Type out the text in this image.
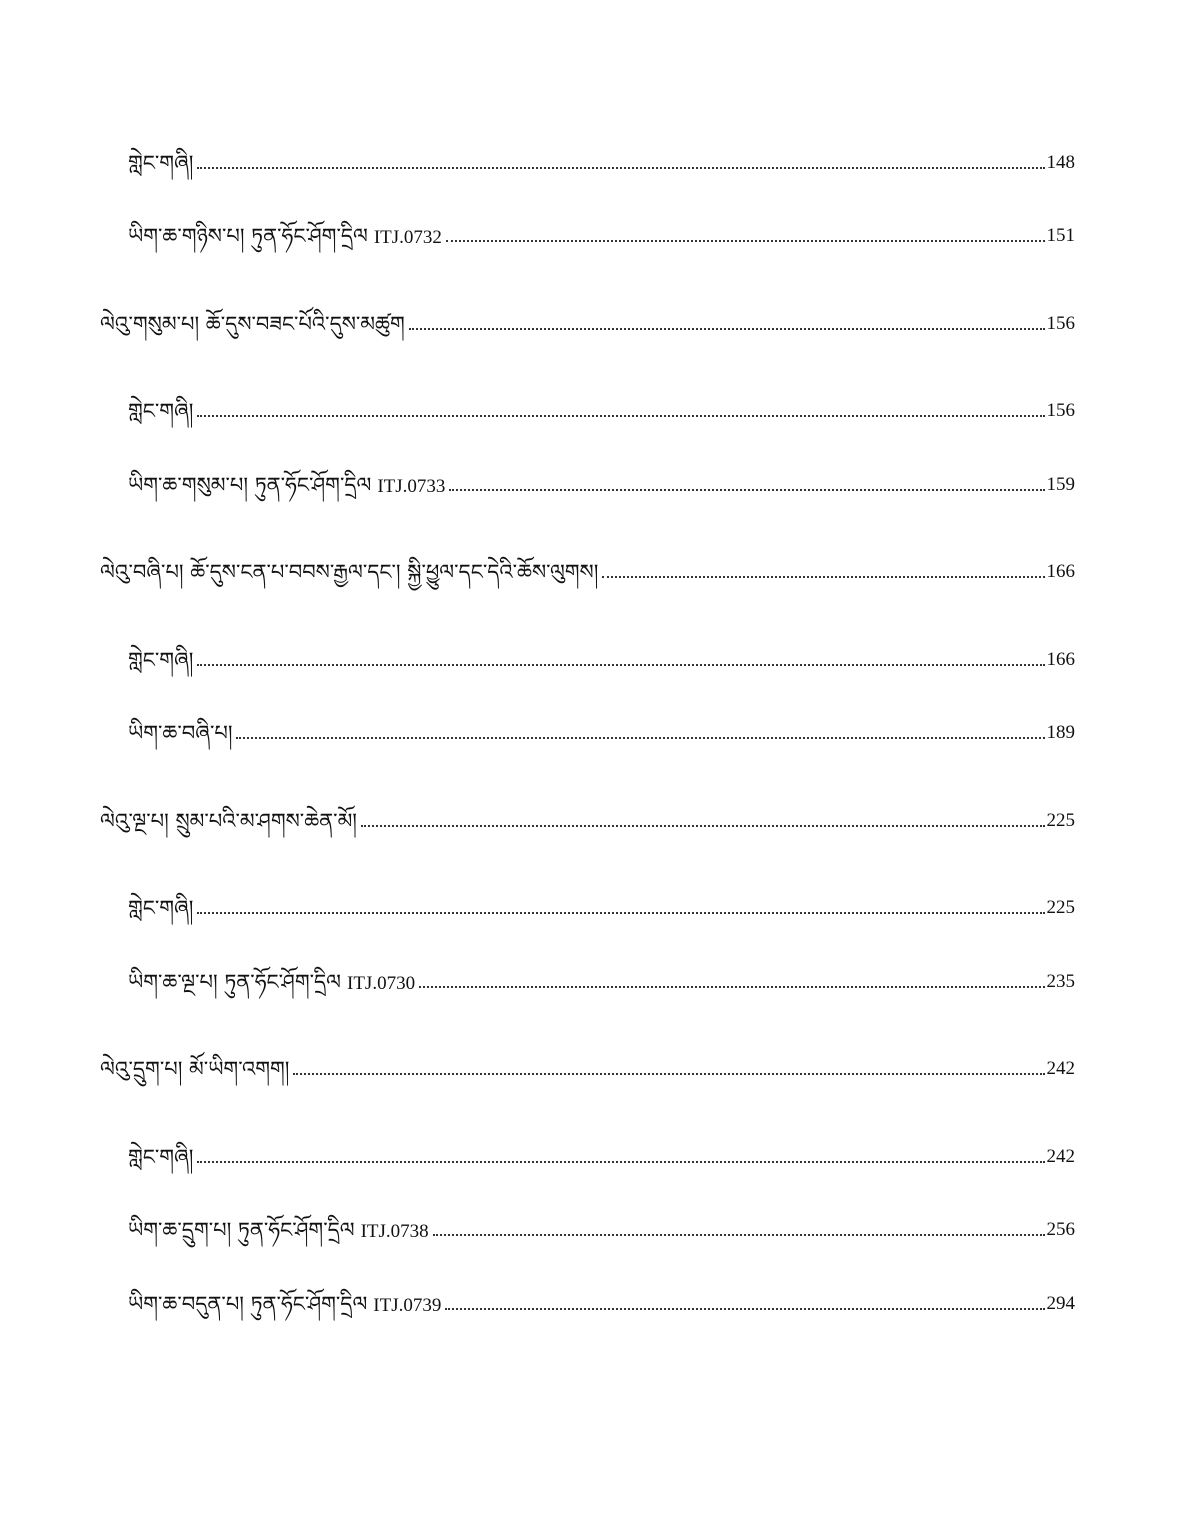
གླེང་གཞི།	148
ཡིག་ཆ་གཉིས་པ། ཏུན་ཧོང་ཤོག་དྲིལ ITJ.0732	151
ལེའུ་གསུམ་པ། ཆོ་དུས་བཟང་པོའི་དུས་མཚུག	156
གླེང་གཞི།	156
ཡིག་ཆ་གསུམ་པ། ཏུན་ཧོང་ཤོག་དྲིལ ITJ.0733	159
ལེའུ་བཞི་པ། ཆོ་དུས་ངན་པ་བབས་རྒྱལ་དང་། སྐྱི་ཕྱུལ་དང་དེའི་ཆོས་ལུགས།	166
གླེང་གཞི།	166
ཡིག་ཆ་བཞི་པ།	189
ལེའུ་ལྔ་པ། སྲུམ་པའི་མ་ཤགས་ཆེན་མོ།	225
གླེང་གཞི།	225
ཡིག་ཆ་ལྔ་པ། ཏུན་ཧོང་ཤོག་དྲིལ ITJ.0730	235
ལེའུ་དྲུག་པ། མོ་ཡིག་འགག།	242
གླེང་གཞི།	242
ཡིག་ཆ་དྲུག་པ། ཏུན་ཧོང་ཤོག་དྲིལ ITJ.0738	256
ཡིག་ཆ་བདུན་པ། ཏུན་ཧོང་ཤོག་དྲིལ ITJ.0739	294
